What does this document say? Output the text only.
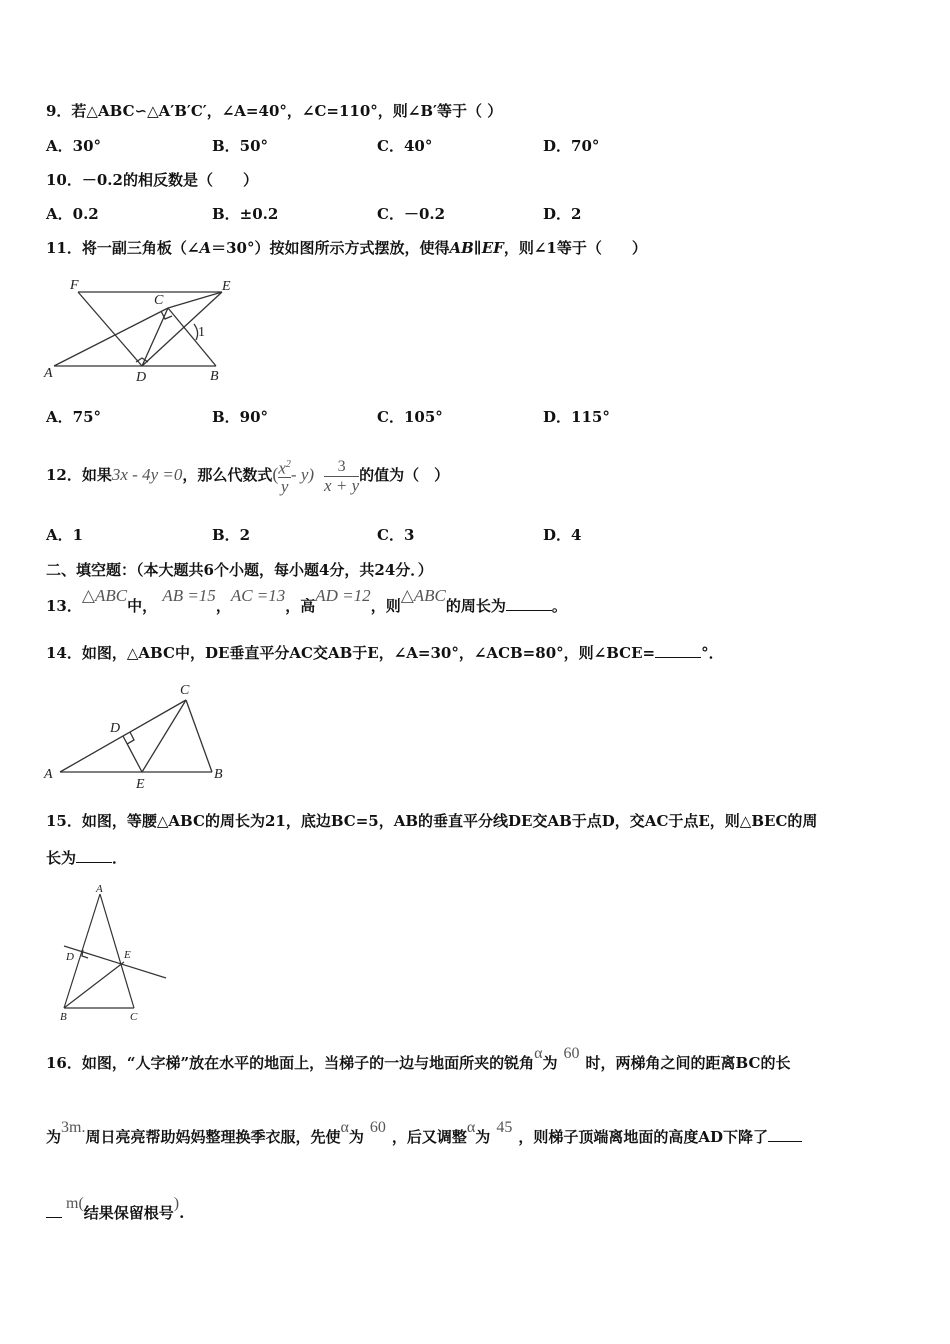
9．若△ABC∽△A′B′C′，∠A=40°，∠C=110°，则∠B′等于（ ）
A．30°	B．50°	C．40°	D．70°
10．－0.2的相反数是（　　）
A．0.2	B．±0.2	C．－0.2	D．2
11．将一副三角板（∠A＝30°）按如图所示方式摆放，使得AB∥EF，则∠1等于（　　）
F	E
C
1
A	D	B
A．75°	B．90°	C．105°	D．115°
12．如果3x - 4y =0，那么代数式( $\frac{x^2}{y} - y) \frac{3}{x + y}$ 的值为（　）
A．1	B．2	C．3	D．4
二、填空题：（本大题共6个小题，每小题4分，共24分．）
13．△ABC中， AB =15，AC =13，高AD =12，则△ABC的周长为	。
14．如图，△ABC中，DE垂直平分AC交AB于E，∠A=30°，∠ACB=80°，则∠BCE=	°．
C
D
A
E
B
15．如图，等腰△ABC的周长为21，底边BC=5，AB的垂直平分线DE交AB于点D，交AC于点E，则△BEC的周
长为 ．
A
D	E
B	C
16．如图，“人字梯”放在水平的地面上，当梯子的一边与地面所夹的锐角α为60时，两梯角之间的距离BC的长
为3m.周日亮亮帮助妈妈整理换季衣服，先使α为60，后又调整α为45，则梯子顶端离地面的高度AD下降了
m(结果保留根号).
